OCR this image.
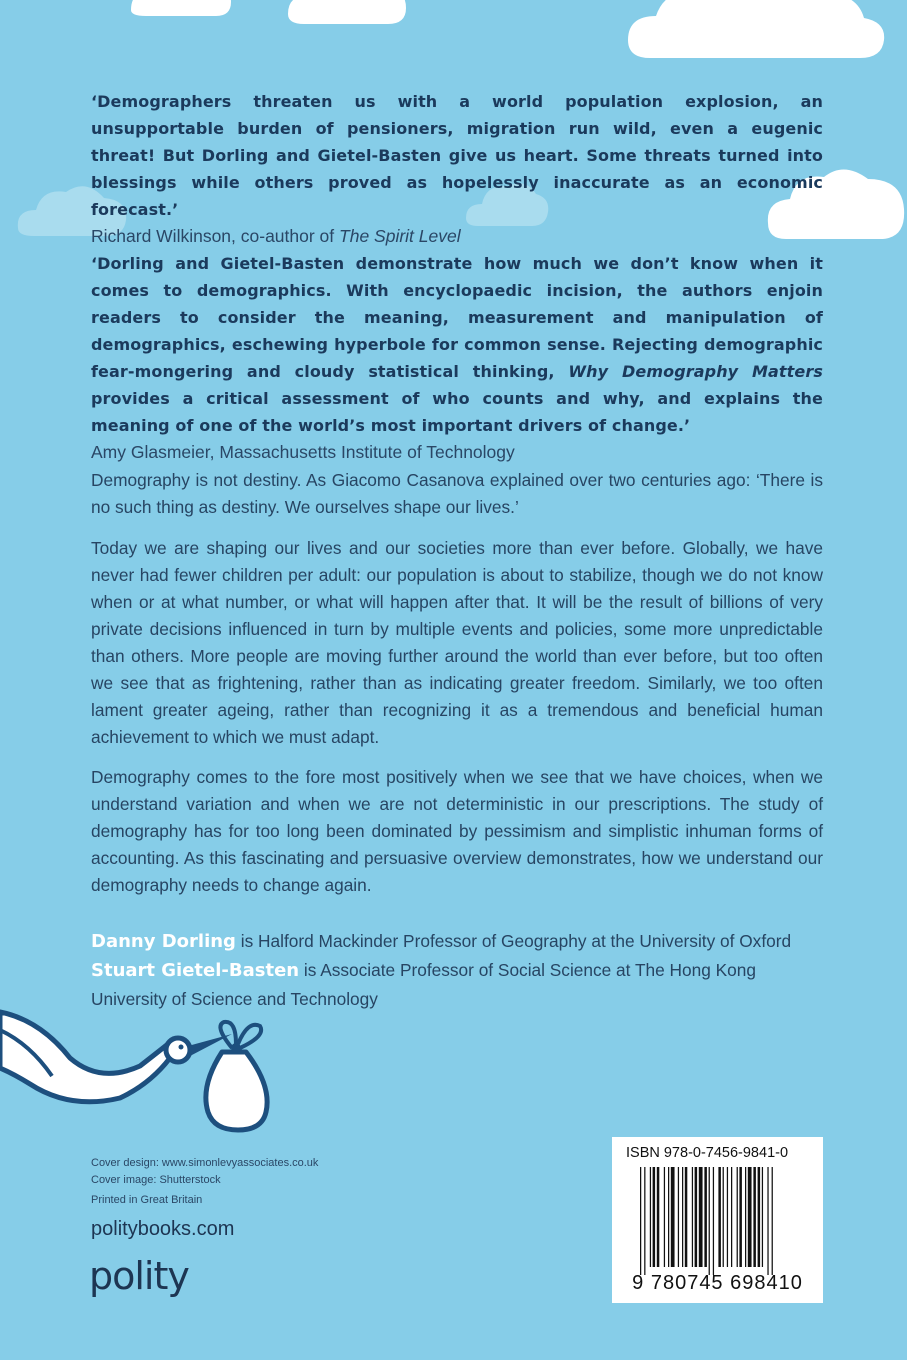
‘Demographers threaten us with a world population explosion, an unsupportable burden of pensioners, migration run wild, even a eugenic threat! But Dorling and Gietel-Basten give us heart. Some threats turned into blessings while others proved as hopelessly inaccurate as an economic forecast.’

Richard Wilkinson, co-author of The Spirit Level

‘Dorling and Gietel-Basten demonstrate how much we don’t know when it comes to demographics. With encyclopaedic incision, the authors enjoin readers to consider the meaning, measurement and manipulation of demographics, eschewing hyperbole for common sense. Rejecting demographic fear-mongering and cloudy statistical thinking, Why Demography Matters provides a critical assessment of who counts and why, and explains the meaning of one of the world’s most important drivers of change.’

Amy Glasmeier, Massachusetts Institute of Technology

Demography is not destiny. As Giacomo Casanova explained over two centuries ago: ‘There is no such thing as destiny. We ourselves shape our lives.’

Today we are shaping our lives and our societies more than ever before. Globally, we have never had fewer children per adult: our population is about to stabilize, though we do not know when or at what number, or what will happen after that. It will be the result of billions of very private decisions influenced in turn by multiple events and policies, some more unpredictable than others. More people are moving further around the world than ever before, but too often we see that as frightening, rather than as indicating greater freedom. Similarly, we too often lament greater ageing, rather than recognizing it as a tremendous and beneficial human achievement to which we must adapt.

Demography comes to the fore most positively when we see that we have choices, when we understand variation and when we are not deterministic in our prescriptions. The study of demography has for too long been dominated by pessimism and simplistic inhuman forms of accounting. As this fascinating and persuasive overview demonstrates, how we understand our demography needs to change again.

Danny Dorling is Halford Mackinder Professor of Geography at the University of Oxford

Stuart Gietel-Basten is Associate Professor of Social Science at The Hong Kong University of Science and Technology

Cover design: www.simonlevyassociates.co.uk
Cover image: Shutterstock
Printed in Great Britain
politybooks.com
polity
ISBN 978-0-7456-9841-0
9 780745 698410
